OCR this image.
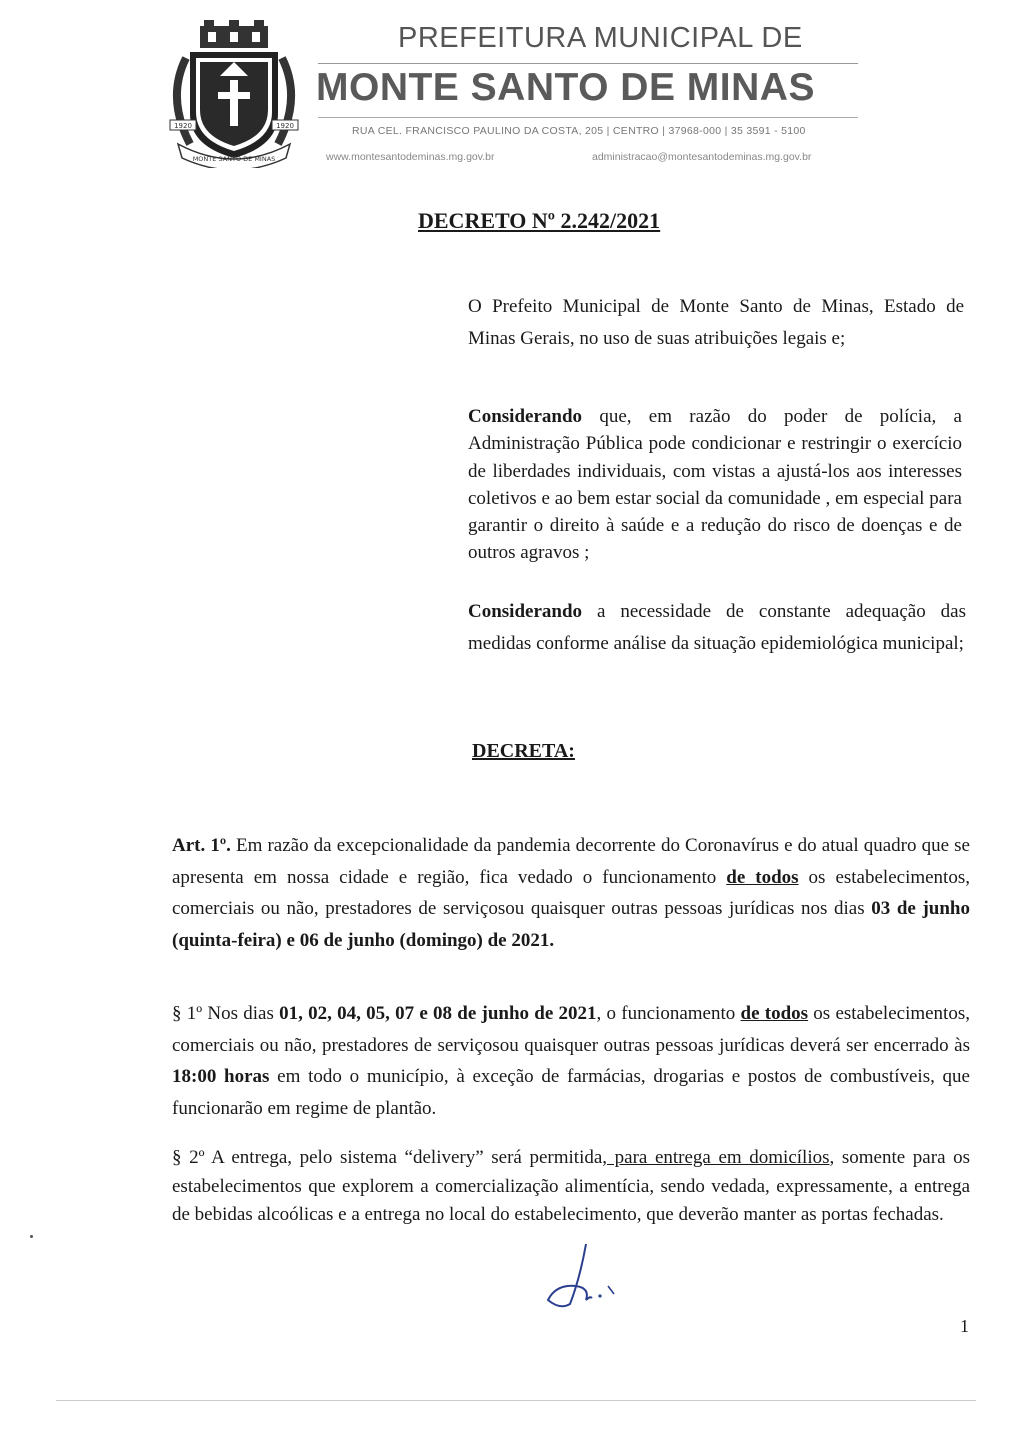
1920	1920
MONTE SANTO DE MINAS
PREFEITURA MUNICIPAL DE
MONTE SANTO DE MINAS
RUA CEL. FRANCISCO PAULINO DA COSTA, 205 | CENTRO | 37968-000 | 35 3591 - 5100
www.montesantodeminas.mg.gov.br	administracao@montesantodeminas.mg.gov.br
DECRETO Nº 2.242/2021
O Prefeito Municipal de Monte Santo de Minas, Estado de Minas Gerais, no uso de suas atribuições legais e;
Considerando que, em razão do poder de polícia, a Administração Pública pode condicionar e restringir o exercício de liberdades individuais, com vistas a ajustá-los aos interesses coletivos e ao bem estar social da comunidade , em especial para garantir o direito à saúde e a redução do risco de doenças e de outros agravos ;
Considerando a necessidade de constante adequação das medidas conforme análise da situação epidemiológica municipal;
DECRETA:
Art. 1º. Em razão da excepcionalidade da pandemia decorrente do Coronavírus e do atual quadro que se apresenta em nossa cidade e região, fica vedado o funcionamento de todos os estabelecimentos, comerciais ou não, prestadores de serviçosou quaisquer outras pessoas jurídicas nos dias 03 de junho (quinta-feira) e 06 de junho (domingo) de 2021.
§ 1º Nos dias 01, 02, 04, 05, 07 e 08 de junho de 2021, o funcionamento de todos os estabelecimentos, comerciais ou não, prestadores de serviçosou quaisquer outras pessoas jurídicas deverá ser encerrado às 18:00 horas em todo o município, à exceção de farmácias, drogarias e postos de combustíveis, que funcionarão em regime de plantão.
§ 2º A entrega, pelo sistema “delivery” será permitida, para entrega em domicílios, somente para os estabelecimentos que explorem a comercialização alimentícia, sendo vedada, expressamente, a entrega de bebidas alcoólicas e a entrega no local do estabelecimento, que deverão manter as portas fechadas.
1
